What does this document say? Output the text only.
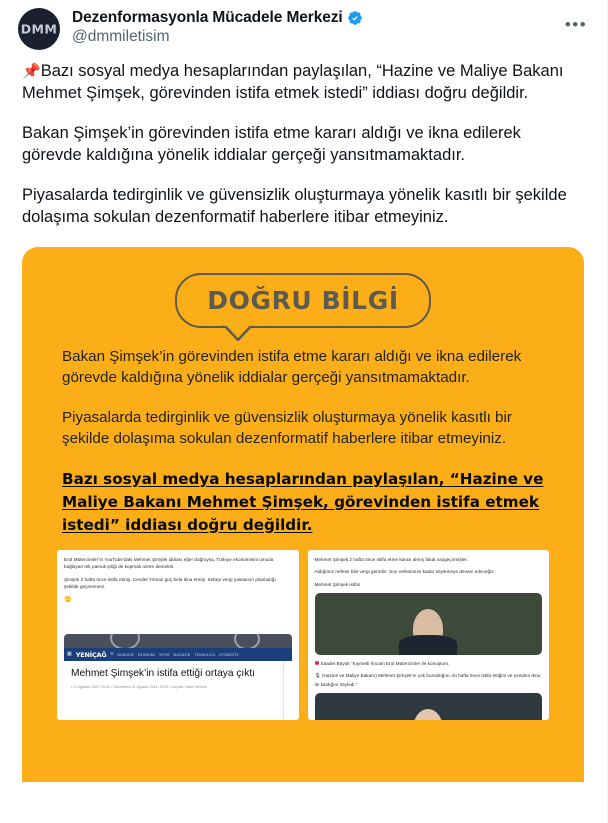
DMM
Dezenformasyonla Mücadele Merkezi
@dmmiletisim
•••
📌Bazı sosyal medya hesaplarından paylaşılan, “Hazine ve Maliye Bakanı Mehmet Şimşek, görevinden istifa etmek istedi” iddiası doğru değildir.
Bakan Şimşek’in görevinden istifa etme kararı aldığı ve ikna edilerek görevde kaldığına yönelik iddialar gerçeği yansıtmamaktadır.
Piyasalarda tedirginlik ve güvensizlik oluşturmaya yönelik kasıtlı bir şekilde dolaşıma sokulan dezenformatif haberlere itibar etmeyiniz.
DOĞRU BİLGİ
Bakan Şimşek’in görevinden istifa etme kararı aldığı ve ikna edilerek görevde kaldığına yönelik iddialar gerçeği yansıtmamaktadır.
Piyasalarda tedirginlik ve güvensizlik oluşturmaya yönelik kasıtlı bir şekilde dolaşıma sokulan dezenformatif haberlere itibar etmeyiniz.
Bazı sosyal medya hesaplarından paylaşılan, “Hazine ve Maliye Bakanı Mehmet Şimşek, görevinden istifa etmek istedi” iddiası doğru değildir.
Erol Mütercimler’in YouTube’daki Mehmet Şimşek iddiası eğer doğruysa, Türkiye ekonomisini umuda bağlayan tek pamuk ipliği de kopmak üzere demektir.
Şimşek 2 hafta önce istifa etmiş. Cevdet Yılmaz güç bela ikna etmiş. Sebep vergi yasasının planladığı şekilde geçmemesi.
🫣
▦ YENİÇAĞ ≡ GÜNDEM EKONOMİ SPOR MAGAZİN TEKNOLOJİ OTOMOTİV
Mehmet Şimşek’in istifa ettiği ortaya çıktı
• 21 Ağustos 2024 / 09:40 • Güncelleme 21 Ağustos 2024 / 09:52 • Kaynak: Haber Merkezi
Mehmet Şimşek 2 hafta önce istifa etme kararı almış fakat vazgeçirmişler.
Aldığımız nefese bile vergi getirdin. Son nefesimize kadar söylemeye devam edeceğiz:
Mehmet Şimşek istifa!
Saadet Büyük “Kıymetli hocam Erol Mütercimler ile konuştum.
🎙(Hazine ve Maliye Bakanı) Mehmet Şimşek’in çok bunaldığını, iki hafta önce istifa ettiğini ve yeniden ikna ile kaldığını söyledi.”
